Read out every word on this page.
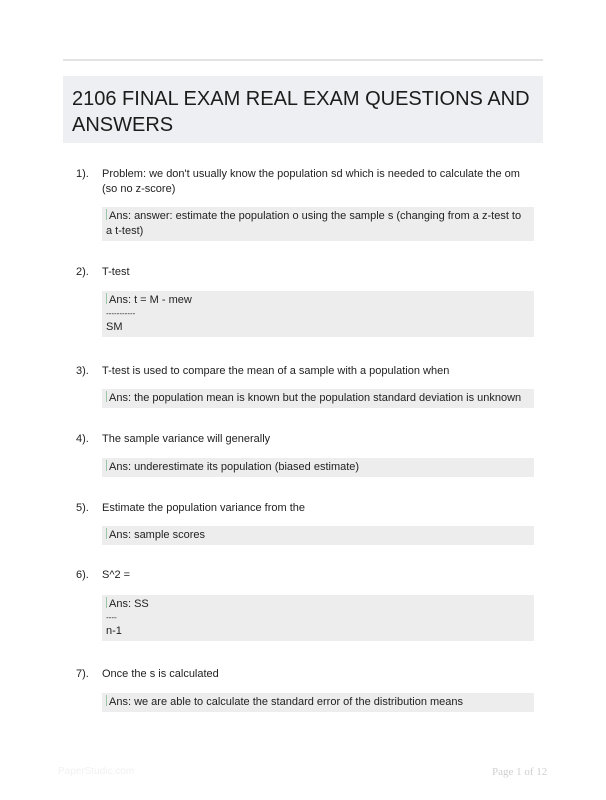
2106 FINAL EXAM REAL EXAM QUESTIONS AND ANSWERS
1). Problem: we don't usually know the population sd which is needed to calculate the om (so no z-score)
Ans: answer: estimate the population o using the sample s (changing from a z-test to a t-test)
2). T-test
Ans: t = M - mew
-----------
SM
3). T-test is used to compare the mean of a sample with a population when
Ans: the population mean is known but the population standard deviation is unknown
4). The sample variance will generally
Ans: underestimate its population (biased estimate)
5). Estimate the population variance from the
Ans: sample scores
6). S^2 =
Ans: SS
----
n-1
7). Once the s is calculated
Ans: we are able to calculate the standard error of the distribution means
PaperStudic.com	Page 1 of 12
